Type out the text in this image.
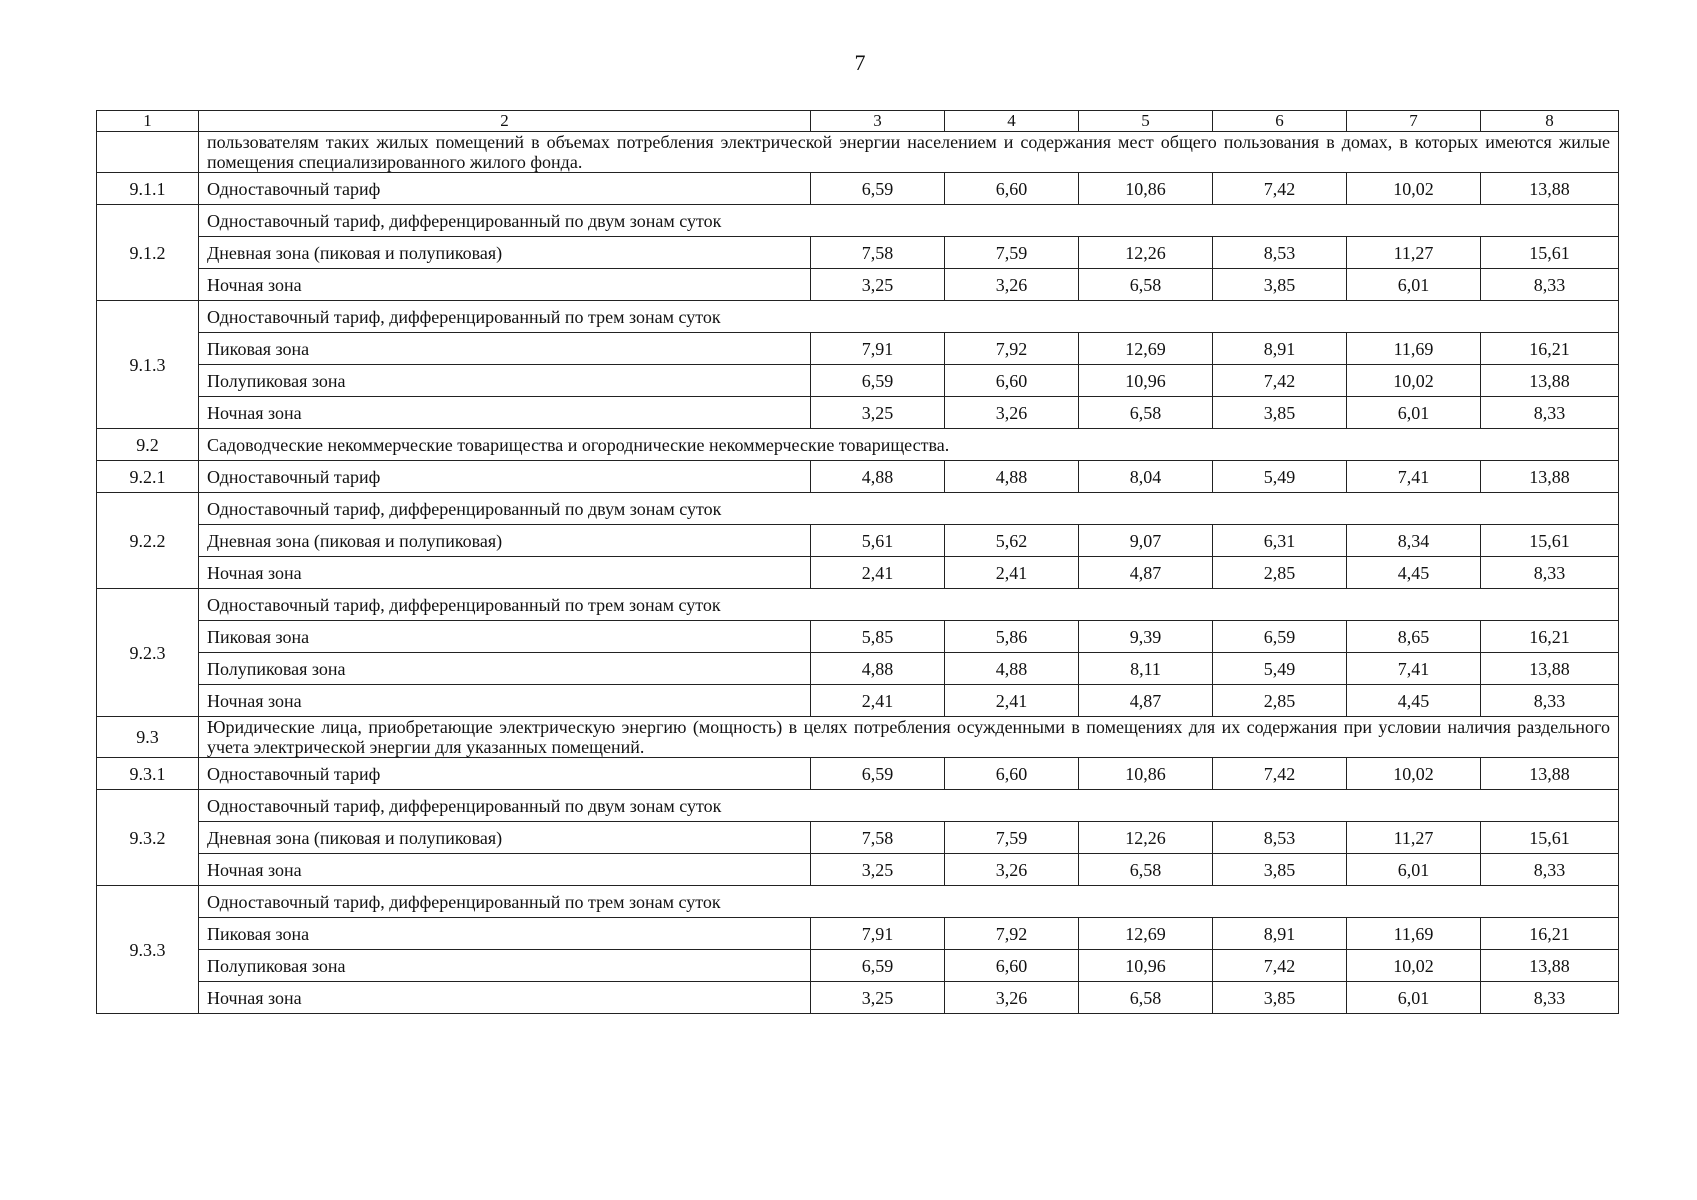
7
1	2	3	4	5	6	7	8
	пользователям таких жилых помещений в объемах потребления электрической энергии населением и содержания мест общего пользования в домах, в которых имеются жилые помещения специализированного жилого фонда.						
9.1.1	Одноставочный тариф	6,59	6,60	10,86	7,42	10,02	13,88
9.1.2	Одноставочный тариф, дифференцированный по двум зонам суток						
	Дневная зона (пиковая и полупиковая)	7,58	7,59	12,26	8,53	11,27	15,61
	Ночная зона	3,25	3,26	6,58	3,85	6,01	8,33
9.1.3	Одноставочный тариф, дифференцированный по трем зонам суток						
	Пиковая зона	7,91	7,92	12,69	8,91	11,69	16,21
	Полупиковая зона	6,59	6,60	10,96	7,42	10,02	13,88
	Ночная зона	3,25	3,26	6,58	3,85	6,01	8,33
9.2	Садоводческие некоммерческие товарищества и огороднические некоммерческие товарищества.						
9.2.1	Одноставочный тариф	4,88	4,88	8,04	5,49	7,41	13,88
9.2.2	Одноставочный тариф, дифференцированный по двум зонам суток						
	Дневная зона (пиковая и полупиковая)	5,61	5,62	9,07	6,31	8,34	15,61
	Ночная зона	2,41	2,41	4,87	2,85	4,45	8,33
9.2.3	Одноставочный тариф, дифференцированный по трем зонам суток						
	Пиковая зона	5,85	5,86	9,39	6,59	8,65	16,21
	Полупиковая зона	4,88	4,88	8,11	5,49	7,41	13,88
	Ночная зона	2,41	2,41	4,87	2,85	4,45	8,33
9.3	Юридические лица, приобретающие электрическую энергию (мощность) в целях потребления осужденными в помещениях для их содержания при условии наличия раздельного учета электрической энергии для указанных помещений.						
9.3.1	Одноставочный тариф	6,59	6,60	10,86	7,42	10,02	13,88
9.3.2	Одноставочный тариф, дифференцированный по двум зонам суток						
	Дневная зона (пиковая и полупиковая)	7,58	7,59	12,26	8,53	11,27	15,61
	Ночная зона	3,25	3,26	6,58	3,85	6,01	8,33
9.3.3	Одноставочный тариф, дифференцированный по трем зонам суток						
	Пиковая зона	7,91	7,92	12,69	8,91	11,69	16,21
	Полупиковая зона	6,59	6,60	10,96	7,42	10,02	13,88
	Ночная зона	3,25	3,26	6,58	3,85	6,01	8,33
